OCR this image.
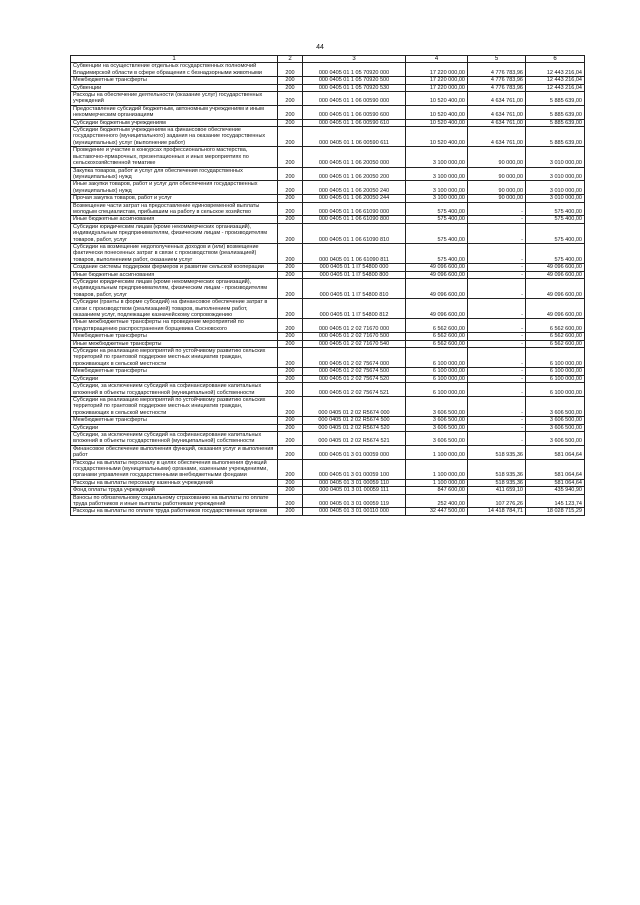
44
1	2	3	4	5	6
Субвенции на осуществление отдельных государственных полномочий Владимирской области в сфере обращения с безнадзорными животными	200	000 0405 01 1 05 70920 000	17 220 000,00	4 776 783,96	12 443 216,04
Межбюджетные трансферты	200	000 0405 01 1 05 70920 500	17 220 000,00	4 776 783,96	12 443 216,04
Субвенции	200	000 0405 01 1 05 70920 530	17 220 000,00	4 776 783,96	12 443 216,04
Расходы на обеспечение деятельности (оказание услуг) государственных учреждений	200	000 0405 01 1 06 00590 000	10 520 400,00	4 634 761,00	5 885 639,00
Предоставление субсидий бюджетным, автономным учреждениям и иным некоммерческим организациям	200	000 0405 01 1 06 00590 600	10 520 400,00	4 634 761,00	5 885 639,00
Субсидии бюджетным учреждениям	200	000 0405 01 1 06 00590 610	10 520 400,00	4 634 761,00	5 885 639,00
Субсидии бюджетным учреждениям на финансовое обеспечение государственного (муниципального) задания на оказание государственных (муниципальных) услуг (выполнение работ)	200	000 0405 01 1 06 00590 611	10 520 400,00	4 634 761,00	5 885 639,00
Проведение и участие в конкурсах профессионального мастерства, выставочно-ярмарочных, презентационных и иных мероприятиях по сельскохозяйственной тематике	200	000 0405 01 1 06 20050 000	3 100 000,00	90 000,00	3 010 000,00
Закупка товаров, работ и услуг для обеспечения государственных (муниципальных) нужд	200	000 0405 01 1 06 20050 200	3 100 000,00	90 000,00	3 010 000,00
Иные закупки товаров, работ и услуг для обеспечения государственных (муниципальных) нужд	200	000 0405 01 1 06 20050 240	3 100 000,00	90 000,00	3 010 000,00
Прочая закупка товаров, работ и услуг	200	000 0405 01 1 06 20050 244	3 100 000,00	90 000,00	3 010 000,00
Возмещение части затрат на предоставление единовременной выплаты молодым специалистам, прибывшим на работу в сельское хозяйство	200	000 0405 01 1 06 61090 000	575 400,00	-	575 400,00
Иные бюджетные ассигнования	200	000 0405 01 1 06 61090 800	575 400,00	-	575 400,00
Субсидии юридическим лицам (кроме некоммерческих организаций), индивидуальным предпринимателям, физическим лицам - производителям товаров, работ, услуг	200	000 0405 01 1 06 61090 810	575 400,00	-	575 400,00
Субсидии на возмещение недополученных доходов и (или) возмещение фактически понесенных затрат в связи с производством (реализацией) товаров, выполнением работ, оказанием услуг	200	000 0405 01 1 06 61090 811	575 400,00	-	575 400,00
Создание системы поддержки фермеров и развитие сельской кооперации	200	000 0405 01 1 I7 54800 000	49 096 600,00	-	49 096 600,00
Иные бюджетные ассигнования	200	000 0405 01 1 I7 54800 800	49 096 600,00	-	49 096 600,00
Субсидии юридическим лицам (кроме некоммерческих организаций), индивидуальным предпринимателям, физическим лицам - производителям товаров, работ, услуг	200	000 0405 01 1 I7 54800 810	49 096 600,00	-	49 096 600,00
Субсидии (гранты в форме субсидий) на финансовое обеспечение затрат в связи с производством (реализацией) товаров, выполнением работ, оказанием услуг, подлежащие казначейскому сопровождению	200	000 0405 01 1 I7 54800 812	49 096 600,00	-	49 096 600,00
Иные межбюджетные трансферты на проведение мероприятий по предотвращению распространения борщевика Сосновского	200	000 0405 01 2 02 71670 000	6 562 600,00	-	6 562 600,00
Межбюджетные трансферты	200	000 0405 01 2 02 71670 500	6 562 600,00	-	6 562 600,00
Иные межбюджетные трансферты	200	000 0405 01 2 02 71670 540	6 562 600,00	-	6 562 600,00
Субсидии на реализацию мероприятий по устойчивому развитию сельских территорий по грантовой поддержке местных инициатив граждан, проживающих в сельской местности	200	000 0405 01 2 02 75674 000	6 100 000,00	-	6 100 000,00
Межбюджетные трансферты	200	000 0405 01 2 02 75674 500	6 100 000,00	-	6 100 000,00
Субсидии	200	000 0405 01 2 02 75674 520	6 100 000,00	-	6 100 000,00
Субсидии, за исключением субсидий на софинансирование капитальных вложений в объекты государственной (муниципальной) собственности	200	000 0405 01 2 02 75674 521	6 100 000,00	-	6 100 000,00
Субсидии на реализацию мероприятий по устойчивому развитию сельских территорий по грантовой поддержке местных инициатив граждан, проживающих в сельской местности	200	000 0405 01 2 02 R5674 000	3 606 500,00	-	3 606 500,00
Межбюджетные трансферты	200	000 0405 01 2 02 R5674 500	3 606 500,00	-	3 606 500,00
Субсидии	200	000 0405 01 2 02 R5674 520	3 606 500,00	-	3 606 500,00
Субсидии, за исключением субсидий на софинансирование капитальных вложений в объекты государственной (муниципальной) собственности	200	000 0405 01 2 02 R5674 521	3 606 500,00	-	3 606 500,00
Финансовое обеспечение выполнения функций, оказания услуг и выполнения работ	200	000 0405 01 3 01 00059 000	1 100 000,00	518 935,36	581 064,64
Расходы на выплаты персоналу в целях обеспечения выполнения функций государственными (муниципальными) органами, казенными учреждениями, органами управления государственными внебюджетными фондами	200	000 0405 01 3 01 00059 100	1 100 000,00	518 935,36	581 064,64
Расходы на выплаты персоналу казенных учреждений	200	000 0405 01 3 01 00059 110	1 100 000,00	518 935,36	581 064,64
Фонд оплаты труда учреждений	200	000 0405 01 3 01 00059 111	847 600,00	411 659,10	435 940,90
Взносы по обязательному социальному страхованию на выплаты по оплате труда работников и иные выплаты работникам учреждений	200	000 0405 01 3 01 00059 119	252 400,00	107 276,26	145 123,74
Расходы на выплаты по оплате труда работников государственных органов	200	000 0405 01 3 01 00110 000	32 447 500,00	14 418 784,71	18 028 715,29
